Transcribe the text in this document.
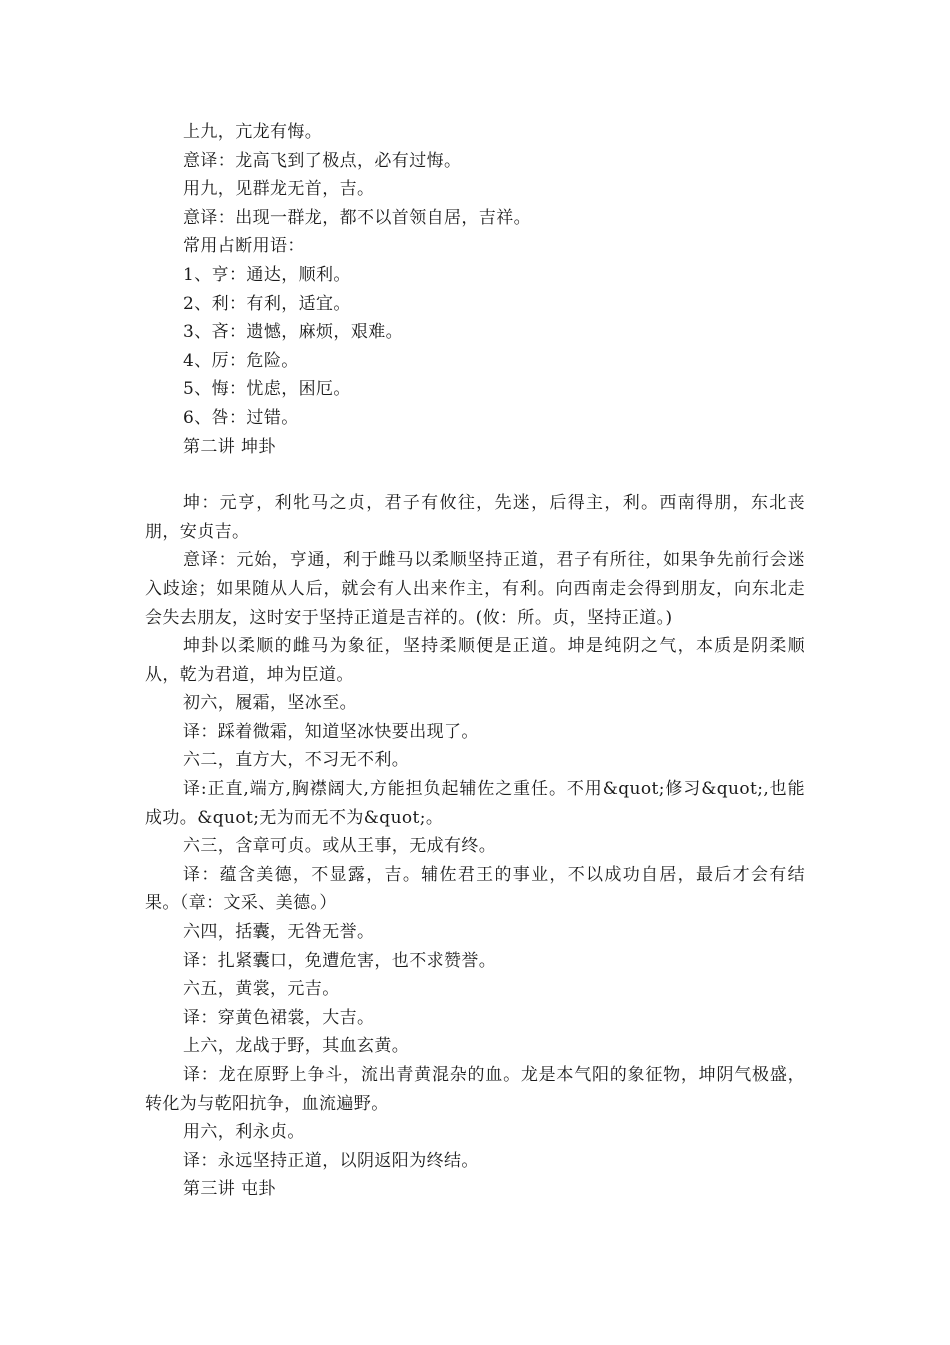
上九，亢龙有悔。

意译：龙高飞到了极点，必有过悔。

用九，见群龙无首，吉。

意译：出现一群龙，都不以首领自居，吉祥。

常用占断用语：

1、亨：通达，顺利。

2、利：有利，适宜。

3、吝：遗憾，麻烦，艰难。

4、厉：危险。

5、悔：忧虑，困厄。

6、咎：过错。

第二讲 坤卦

坤：元亨，利牝马之贞，君子有攸往，先迷，后得主，利。西南得朋，东北丧朋，安贞吉。

意译：元始，亨通，利于雌马以柔顺坚持正道，君子有所往，如果争先前行会迷入歧途；如果随从人后，就会有人出来作主，有利。向西南走会得到朋友，向东北走会失去朋友，这时安于坚持正道是吉祥的。(攸：所。贞，坚持正道。)

坤卦以柔顺的雌马为象征，坚持柔顺便是正道。坤是纯阴之气，本质是阴柔顺从，乾为君道，坤为臣道。

初六，履霜，坚冰至。

译：踩着微霜，知道坚冰快要出现了。

六二，直方大，不习无不利。

译:正直,端方,胸襟阔大,方能担负起辅佐之重任。不用&quot;修习&quot;,也能成功。&quot;无为而无不为&quot;。

六三，含章可贞。或从王事，无成有终。

译：蕴含美德，不显露，吉。辅佐君王的事业，不以成功自居，最后才会有结果。（章：文采、美德。）

六四，括囊，无咎无誉。

译：扎紧囊口，免遭危害，也不求赞誉。

六五，黄裳，元吉。

译：穿黄色裙裳，大吉。

上六，龙战于野，其血玄黄。

译：龙在原野上争斗，流出青黄混杂的血。龙是本气阳的象征物，坤阴气极盛，转化为与乾阳抗争，血流遍野。

用六，利永贞。

译：永远坚持正道，以阴返阳为终结。

第三讲 屯卦
